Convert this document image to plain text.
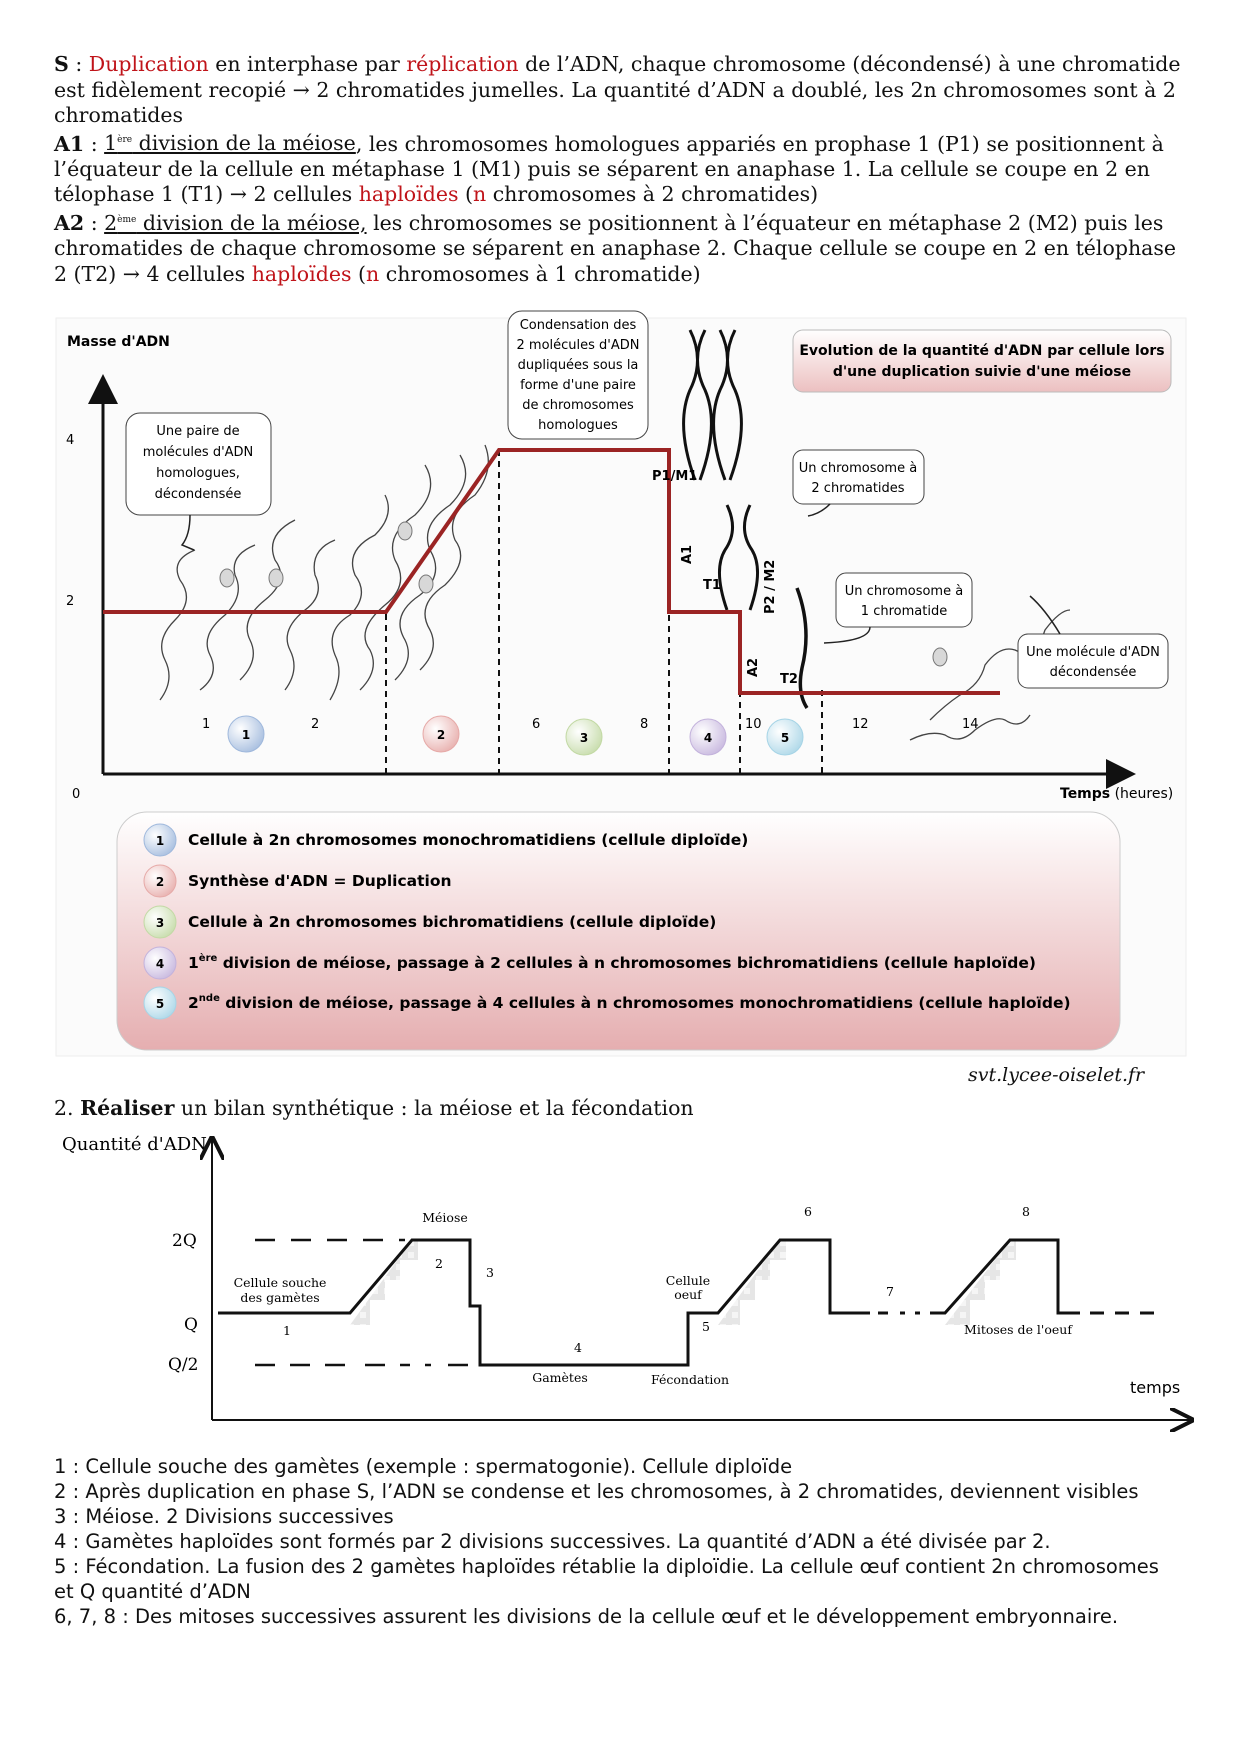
S : Duplication en interphase par réplication de l’ADN, chaque chromosome (décondensé) à une chromatide est fidèlement recopié → 2 chromatides jumelles. La quantité d’ADN a doublé, les 2n chromosomes sont à 2 chromatides

A1 : 1ère division de la méiose, les chromosomes homologues appariés en prophase 1 (P1) se positionnent à l’équateur de la cellule en métaphase 1 (M1) puis se séparent en anaphase 1. La cellule se coupe en 2 en télophase 1 (T1) → 2 cellules haploïdes (n chromosomes à 2 chromatides)

A2 : 2ème division de la méiose, les chromosomes se positionnent à l’équateur en métaphase 2 (M2) puis les chromatides de chaque chromosome se séparent en anaphase 2. Chaque cellule se coupe en 2 en télophase 2 (T2) → 4 cellules haploïdes (n chromosomes à 1 chromatide)

Evolution de la quantité d'ADN par cellule lors
d'une duplication suivie d'une méiose
Masse d'ADN
Temps (heures)
0
2
4
P1/M1
A1
T1	P2 / M2
A2
T2
1	2	6	8	10	12	14
1	2	3	4	5
Une paire de
molécules d'ADN
homologues,
décondensée
Condensation des
2 molécules d'ADN
dupliquées sous la
forme d'une paire
de chromosomes
homologues
Un chromosome à
2 chromatides
Un chromosome à
1 chromatide
Une molécule d'ADN
décondensée
1 Cellule à 2n chromosomes monochromatidiens (cellule diploïde)
2 Synthèse d'ADN = Duplication
3 Cellule à 2n chromosomes bichromatidiens (cellule diploïde)
4 1ère division de méiose, passage à 2 cellules à n chromosomes bichromatidiens (cellule haploïde)
5 2nde division de méiose, passage à 4 cellules à n chromosomes monochromatidiens (cellule haploïde)
svt.lycee-oiselet.fr
2. Réaliser un bilan synthétique : la méiose et la fécondation
Quantité d'ADN
temps
2Q
Q
Q/2
Cellule souche
des gamètes
Méiose
Gamètes	Fécondation
Cellule
oeuf
Mitoses de l'oeuf
1
2
3
4
5
6
7
8

1 : Cellule souche des gamètes (exemple : spermatogonie). Cellule diploïde

2 : Après duplication en phase S, l’ADN se condense et les chromosomes, à 2 chromatides, deviennent visibles

3 : Méiose. 2 Divisions successives

4 : Gamètes haploïdes sont formés par 2 divisions successives. La quantité d’ADN a été divisée par 2.

5 : Fécondation. La fusion des 2 gamètes haploïdes rétablie la diploïdie. La cellule œuf contient 2n chromosomes et Q quantité d’ADN

6, 7, 8 : Des mitoses successives assurent les divisions de la cellule œuf et le développement embryonnaire.
